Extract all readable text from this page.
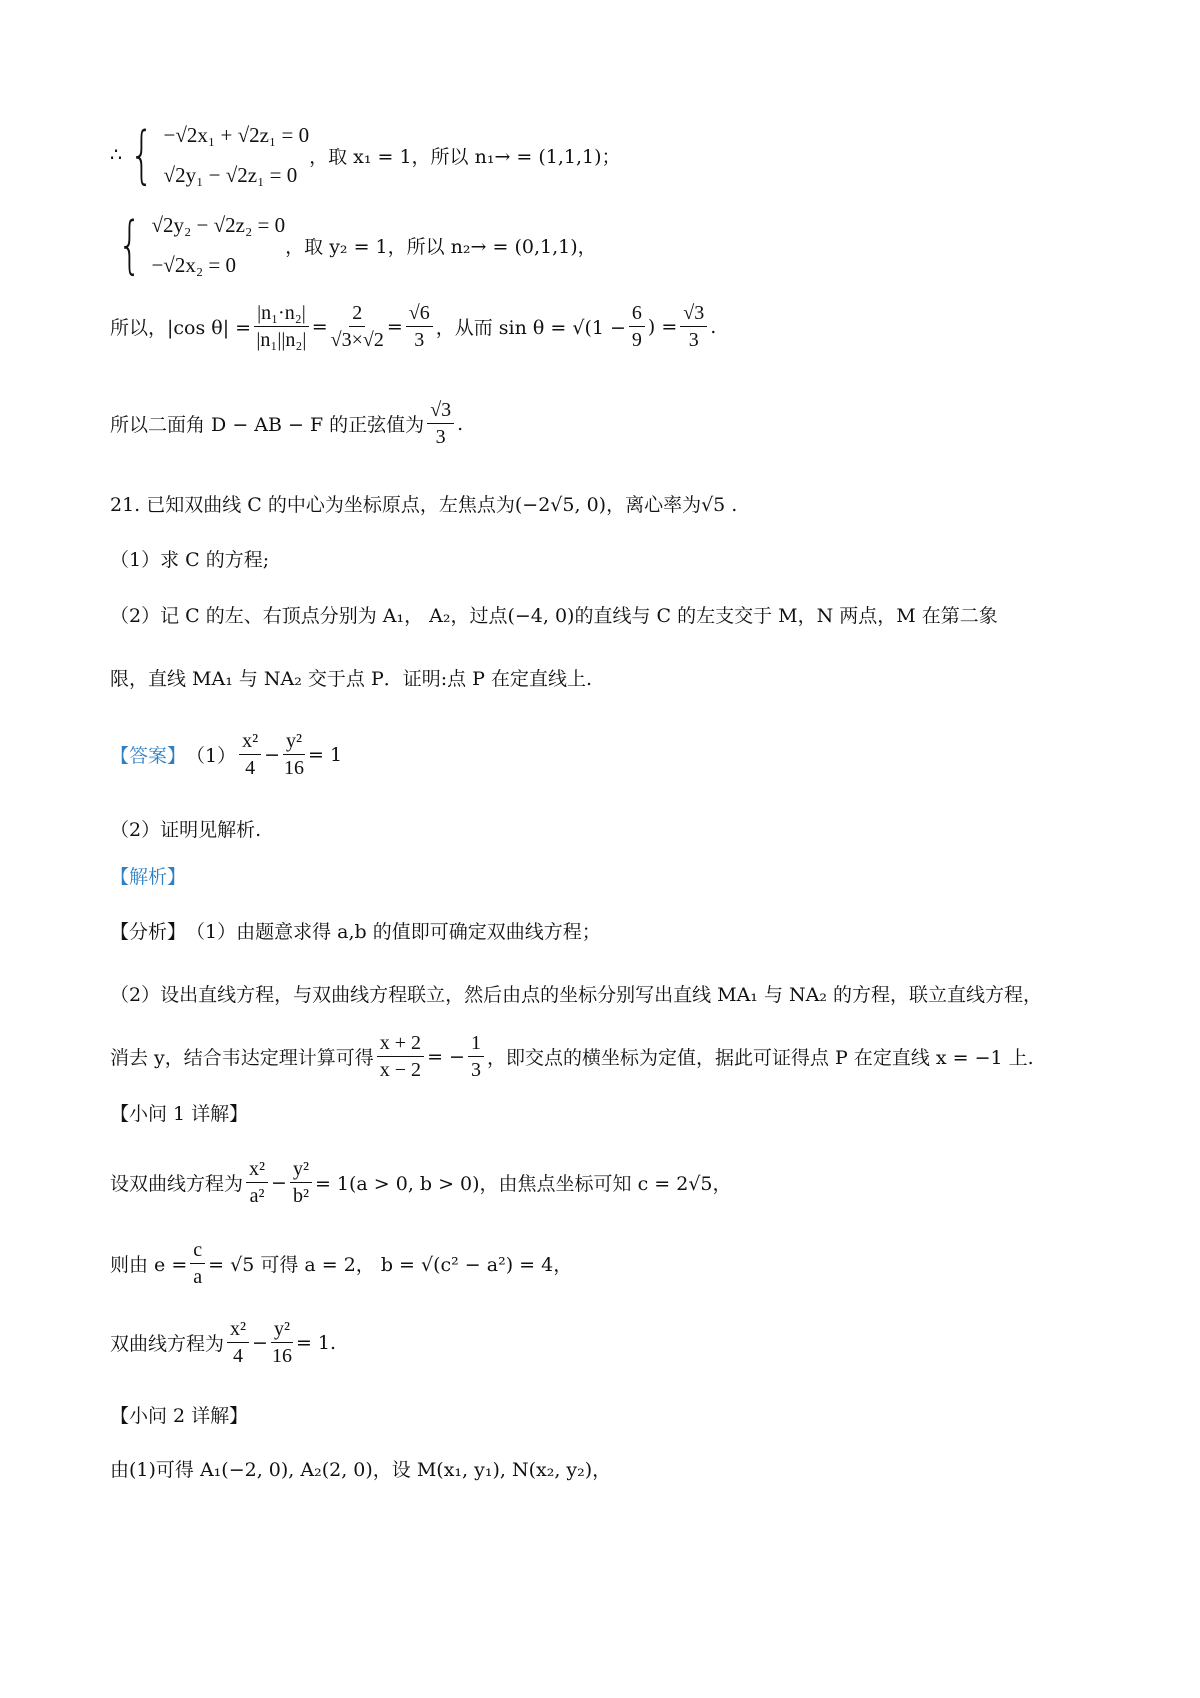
∴ { −√2x₁ + √2z₁ = 0
√2y₁ − √2z₁ = 0
，取 x₁ = 1，所以 n₁→ = (1,1,1)；
{ √2y₂ − √2z₂ = 0
−√2x₂ = 0
，取 y₂ = 1，所以 n₂→ = (0,1,1)，
所以，|cos $\theta| = \frac{\text{|n₁·n₂|}}{\text{|n₁||n₂|}} = \frac{2}{√3\times√2} = \frac{√6}{3}$ ，从而 $\sin \theta = √(1 - \frac{6}{9}$ ) = $\frac{√3}{3}$ .
所以二面角 D − AB − F 的正弦值为
√3
3
.
21. 已知双曲线 C 的中心为坐标原点，左焦点为(−2√5, 0)，离心率为√5 .
（1）求 C 的方程;
（2）记 C 的左、右顶点分别为 A₁， A₂，过点(−4, 0)的直线与 C 的左支交于 M，N 两点，M 在第二象
限，直线 MA₁ 与 NA₂ 交于点 P．证明:点 P 在定直线上.
【答案】 （1）
x²
4
− $\frac{\text{y²}}{16} = 1$
（2）证明见解析.
【解析】
【分析】 （1）由题意求得 a,b 的值即可确定双曲线方程；
（2）设出直线方程，与双曲线方程联立，然后由点的坐标分别写出直线 MA₁ 与 NA₂ 的方程，联立直线方程，
消去 y，结合韦达定理计算可得 $\frac{x + 2}{x - 2}$ = − $\frac{1}{3}$ ，即交点的横坐标为定值，据此可证得点 P 在定直线 x = −1 上.
【小问 1 详解】
设双曲线方程为
x²
a²
− $\frac{\text{y²}}{\text{b²}} = 1(a > 0$, b > 0)，由焦点坐标可知 c = 2√5，
则由 $e = \frac{c}{a} = √5$ 可得 a = 2， b = √(c² − a²) = 4，
双曲线方程为
x²
4
− $\frac{\text{y²}}{16} = 1$.
【小问 2 详解】
由(1)可得 A₁(−2, 0), A₂(2, 0)，设 M(x₁, y₁), N(x₂, y₂)，
